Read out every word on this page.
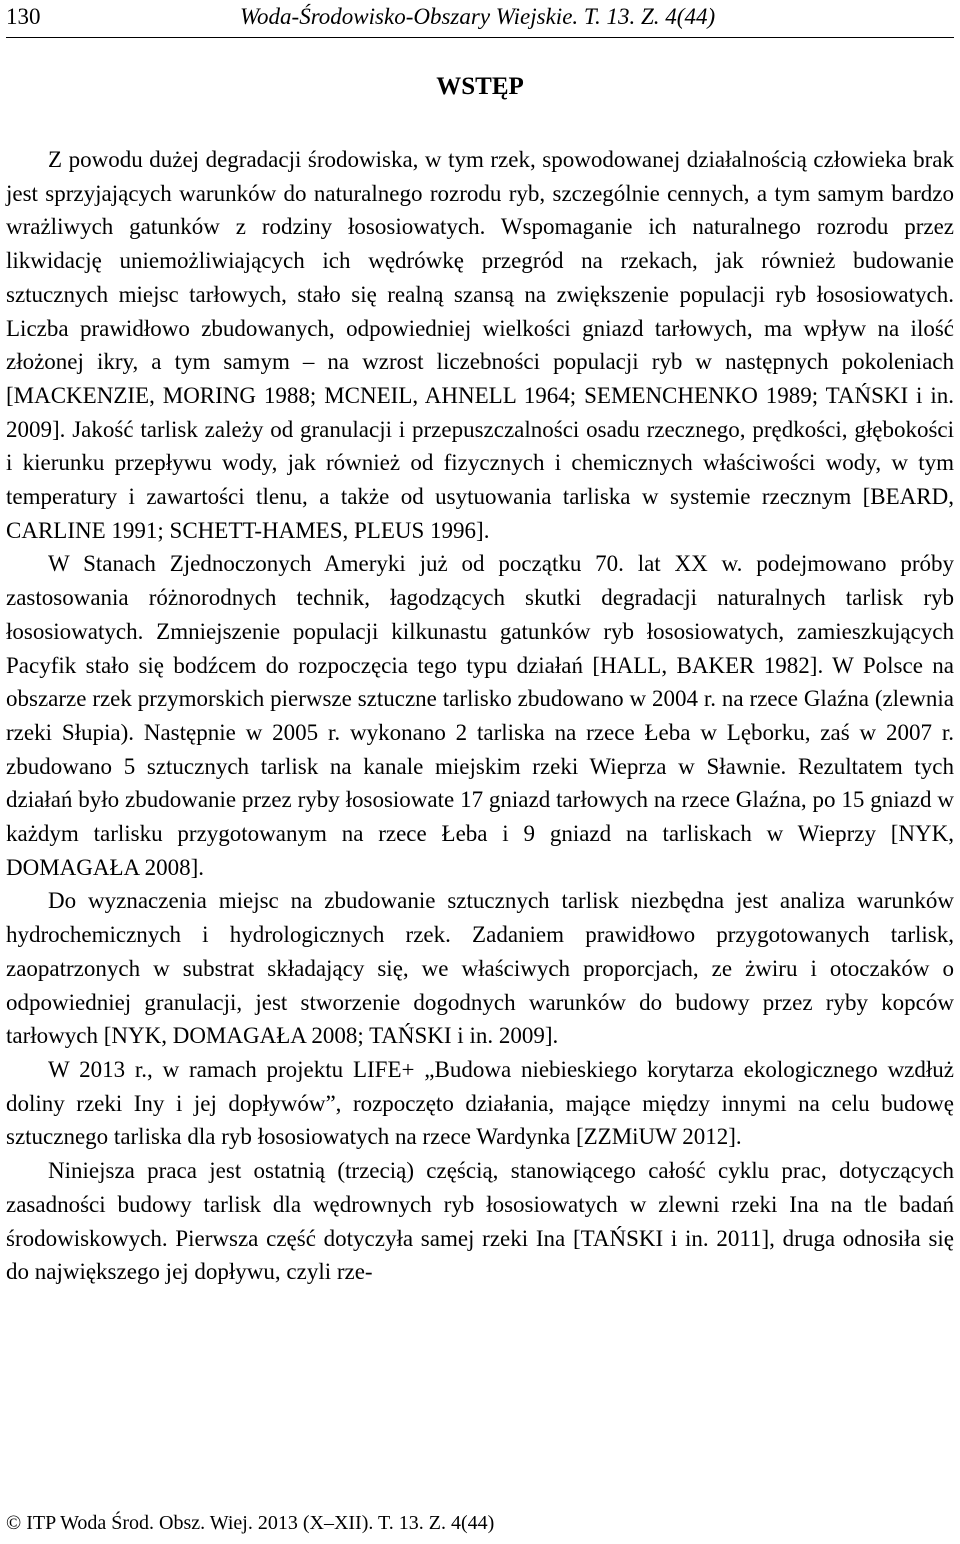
130	Woda-Środowisko-Obszary Wiejskie. T. 13. Z. 4(44)
WSTĘP

Z powodu dużej degradacji środowiska, w tym rzek, spowodowanej działalnością człowieka brak jest sprzyjających warunków do naturalnego rozrodu ryb, szczególnie cennych, a tym samym bardzo wrażliwych gatunków z rodziny łososiowatych. Wspomaganie ich naturalnego rozrodu przez likwidację uniemożliwiających ich wędrówkę przegród na rzekach, jak również budowanie sztucznych miejsc tarłowych, stało się realną szansą na zwiększenie populacji ryb łososiowatych. Liczba prawidłowo zbudowanych, odpowiedniej wielkości gniazd tarłowych, ma wpływ na ilość złożonej ikry, a tym samym – na wzrost liczebności populacji ryb w następnych pokoleniach [MACKENZIE, MORING 1988; MCNEIL, AHNELL 1964; SEMENCHENKO 1989; TAŃSKI i in. 2009]. Jakość tarlisk zależy od granulacji i przepuszczalności osadu rzecznego, prędkości, głębokości i kierunku przepływu wody, jak również od fizycznych i chemicznych właściwości wody, w tym temperatury i zawartości tlenu, a także od usytuowania tarliska w systemie rzecznym [BEARD, CARLINE 1991; SCHETT-HAMES, PLEUS 1996].

W Stanach Zjednoczonych Ameryki już od początku 70. lat XX w. podejmowano próby zastosowania różnorodnych technik, łagodzących skutki degradacji naturalnych tarlisk ryb łososiowatych. Zmniejszenie populacji kilkunastu gatunków ryb łososiowatych, zamieszkujących Pacyfik stało się bodźcem do rozpoczęcia tego typu działań [HALL, BAKER 1982]. W Polsce na obszarze rzek przymorskich pierwsze sztuczne tarlisko zbudowano w 2004 r. na rzece Glaźna (zlewnia rzeki Słupia). Następnie w 2005 r. wykonano 2 tarliska na rzece Łeba w Lęborku, zaś w 2007 r. zbudowano 5 sztucznych tarlisk na kanale miejskim rzeki Wieprza w Sławnie. Rezultatem tych działań było zbudowanie przez ryby łososiowate 17 gniazd tarłowych na rzece Glaźna, po 15 gniazd w każdym tarlisku przygotowanym na rzece Łeba i 9 gniazd na tarliskach w Wieprzy [NYK, DOMAGAŁA 2008].

Do wyznaczenia miejsc na zbudowanie sztucznych tarlisk niezbędna jest analiza warunków hydrochemicznych i hydrologicznych rzek. Zadaniem prawidłowo przygotowanych tarlisk, zaopatrzonych w substrat składający się, we właściwych proporcjach, ze żwiru i otoczaków o odpowiedniej granulacji, jest stworzenie dogodnych warunków do budowy przez ryby kopców tarłowych [NYK, DOMAGAŁA 2008; TAŃSKI i in. 2009].

W 2013 r., w ramach projektu LIFE+ „Budowa niebieskiego korytarza ekologicznego wzdłuż doliny rzeki Iny i jej dopływów”, rozpoczęto działania, mające między innymi na celu budowę sztucznego tarliska dla ryb łososiowatych na rzece Wardynka [ZZMiUW 2012].

Niniejsza praca jest ostatnią (trzecią) częścią, stanowiącego całość cyklu prac, dotyczących zasadności budowy tarlisk dla wędrownych ryb łososiowatych w zlewni rzeki Ina na tle badań środowiskowych. Pierwsza część dotyczyła samej rzeki Ina [TAŃSKI i in. 2011], druga odnosiła się do największego jej dopływu, czyli rze-

© ITP Woda Środ. Obsz. Wiej. 2013 (X–XII). T. 13. Z. 4(44)
